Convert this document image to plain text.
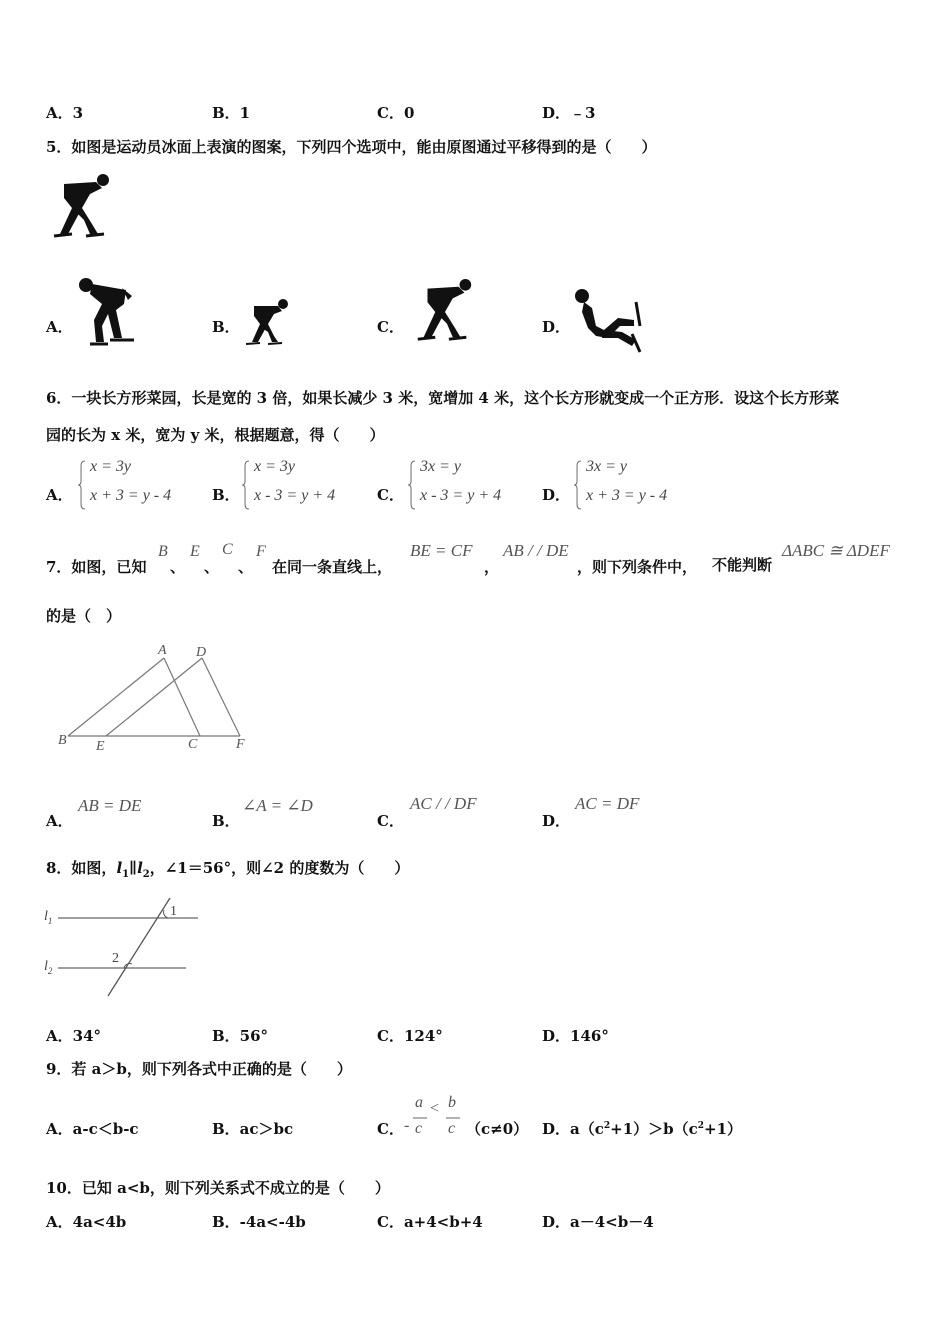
A．3	B．1	C．0	D．﹣3
5．如图是运动员冰面上表演的图案，下列四个选项中，能由原图通过平移得到的是（　　）
A．	B．	C．	D．
6．一块长方形菜园，长是宽的 3 倍，如果长减少 3 米，宽增加 4 米，这个长方形就变成一个正方形．设这个长方形菜
园的长为 x 米，宽为 y 米，根据题意，得（　　）
A．
x = 3y
x + 3 = y - 4	B．
x = 3y
x - 3 = y + 4	C．
3x = y
x - 3 = y + 4	D．
3x = y
x + 3 = y - 4
7．如图，已知
B
、
E
、
C
、
F
在同一条直线上，
BE = CF
，
AB / / DE
，则下列条件中， 不能判断
ΔABC ≅ ΔDEF
的是（　）
A D
B E	C	F
A．
AB = DE
B．
∠A = ∠D
C．
AC / / DF
D．
AC = DF
8．如图，$l_1\parallel l_2$，∠1＝56°，则∠2 的度数为（　　）
$l_1$
$l_2$
1
2
A．34°	B．56°	C．124°	D．146°
9．若 a＞b，则下列各式中正确的是（　　）
A．a-c＜b-c	B．ac＞bc	C． -
a
c
< b
c （c≠0） D．$a(c^2+1)>b(c^2+1)$
10．已知 a<b，则下列关系式不成立的是（　　）
A．4a<4b	B．-4a<-4b	C．a+4<b+4	D．a－4<b－4
